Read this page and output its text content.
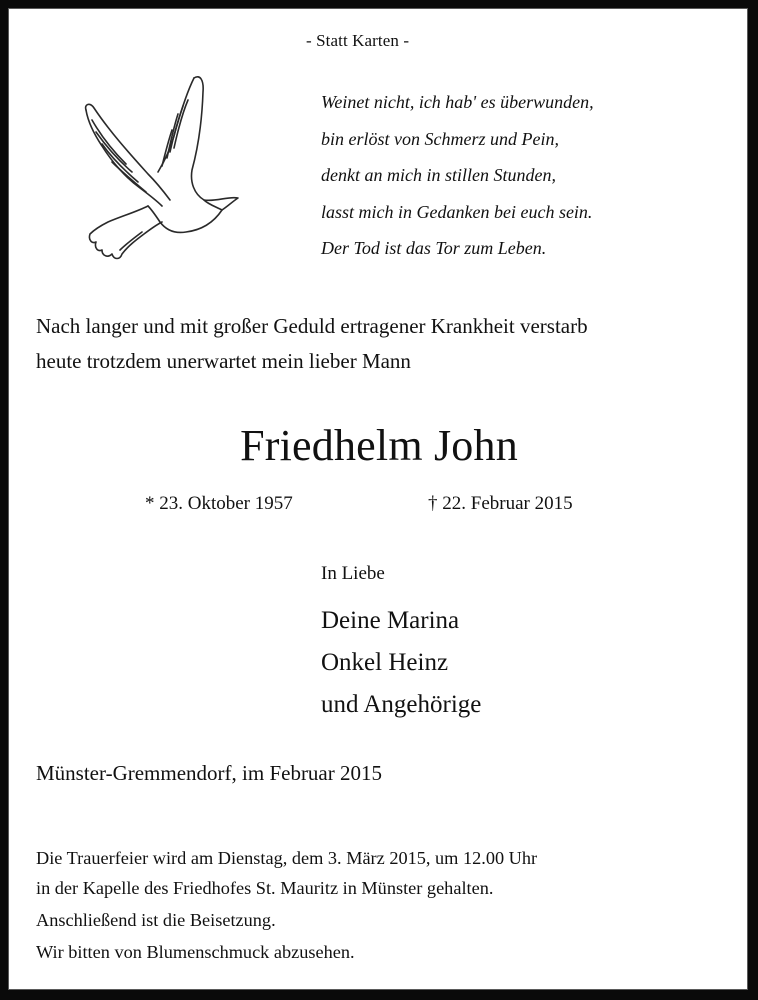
- Statt Karten -
Weinet nicht, ich hab' es überwunden,
bin erlöst von Schmerz und Pein,
denkt an mich in stillen Stunden,
lasst mich in Gedanken bei euch sein.
Der Tod ist das Tor zum Leben.
Nach langer und mit großer Geduld ertragener Krankheit verstarb
heute trotzdem unerwartet mein lieber Mann
Friedhelm John
* 23. Oktober 1957	† 22. Februar 2015
In Liebe
Deine Marina
Onkel Heinz
und Angehörige
Münster-Gremmendorf, im Februar 2015
Die Trauerfeier wird am Dienstag, dem 3. März 2015, um 12.00 Uhr
in der Kapelle des Friedhofes St. Mauritz in Münster gehalten.
Anschließend ist die Beisetzung.
Wir bitten von Blumenschmuck abzusehen.
